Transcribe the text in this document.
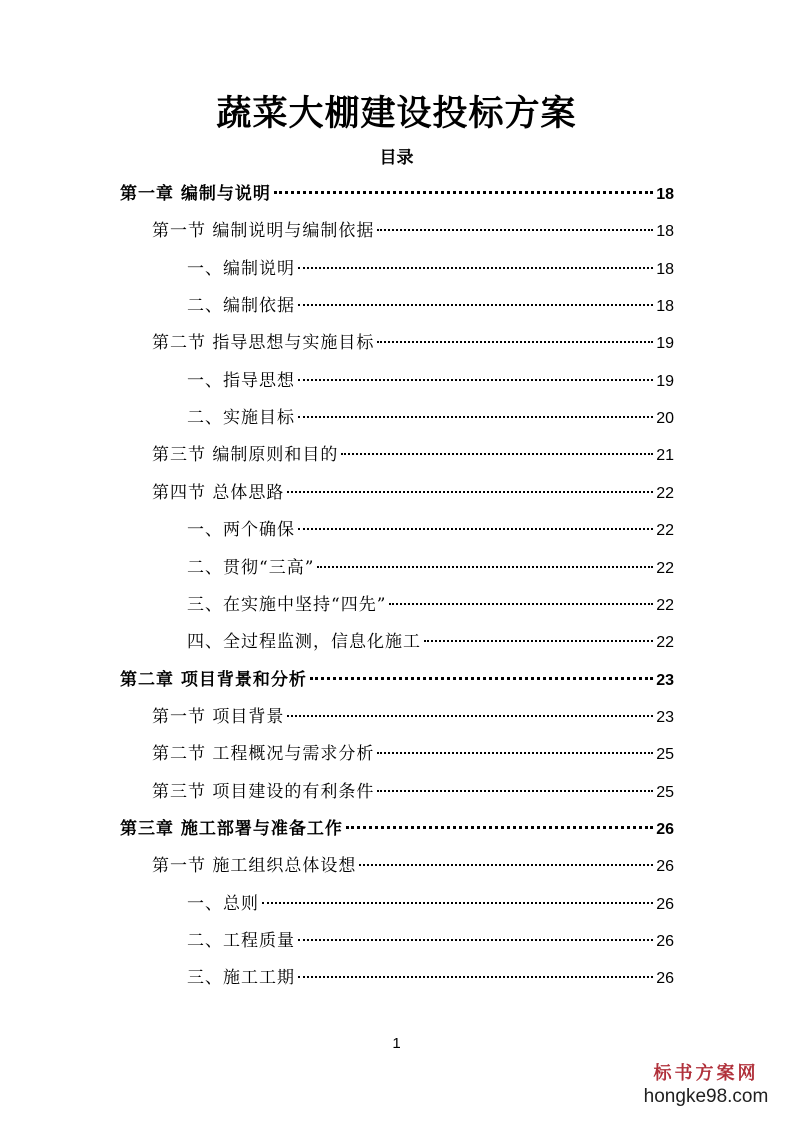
蔬菜大棚建设投标方案
目录
第一章 编制与说明	18
第一节 编制说明与编制依据	18
一、编制说明	18
二、编制依据	18
第二节 指导思想与实施目标	19
一、指导思想	19
二、实施目标	20
第三节 编制原则和目的	21
第四节 总体思路	22
一、两个确保	22
二、贯彻“三高”	22
三、在实施中坚持“四先”	22
四、全过程监测，信息化施工	22
第二章 项目背景和分析	23
第一节 项目背景	23
第二节 工程概况与需求分析	25
第三节 项目建设的有利条件	25
第三章 施工部署与准备工作	26
第一节 施工组织总体设想	26
一、总则	26
二、工程质量	26
三、施工工期	26
1
标书方案网
hongke98.com
